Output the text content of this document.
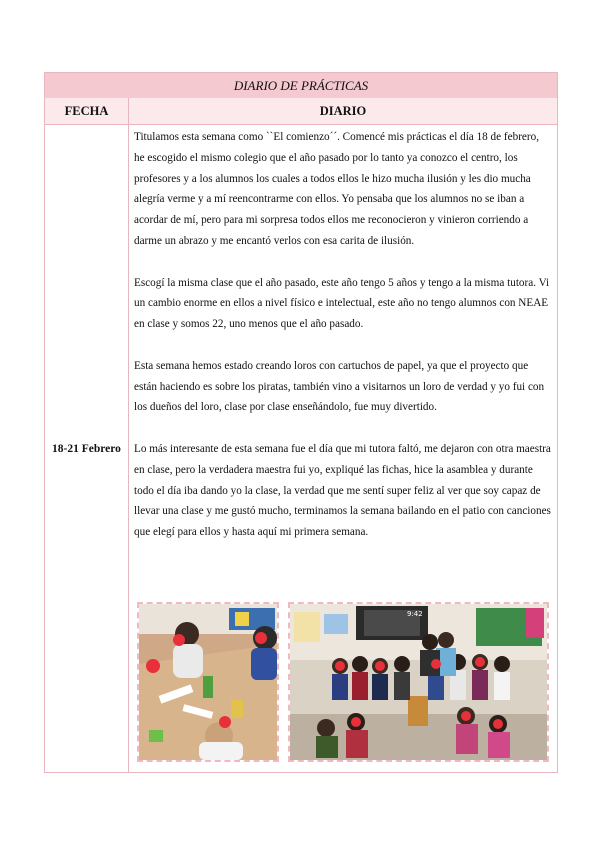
DIARIO DE PRÁCTICAS
FECHA	DIARIO
18-21 Febrero

Titulamos esta semana como ``El comienzo´´. Comencé mis prácticas el día 18 de febrero, he escogido el mismo colegio que el año pasado por lo tanto ya conozco el centro, los profesores y a los alumnos los cuales a todos ellos le hizo mucha ilusión y les dio mucha alegría verme y a mí reencontrarme con ellos. Yo pensaba que los alumnos no se iban a acordar de mí, pero para mi sorpresa todos ellos me reconocieron y vinieron corriendo a darme un abrazo y me encantó verlos con esa carita de ilusión.

Escogí la misma clase que el año pasado, este año tengo 5 años y tengo a la misma tutora. Vi un cambio enorme en ellos a nivel físico e intelectual, este año no tengo alumnos con NEAE en clase y somos 22, uno menos que el año pasado.

Esta semana hemos estado creando loros con cartuchos de papel, ya que el proyecto que están haciendo es sobre los piratas, también vino a visitarnos un loro de verdad y yo fui con los dueños del loro, clase por clase enseñándolo, fue muy divertido.

Lo más interesante de esta semana fue el día que mi tutora faltó, me dejaron con otra maestra en clase, pero la verdadera maestra fui yo, expliqué las fichas, hice la asamblea y durante todo el día iba dando yo la clase, la verdad que me sentí super feliz al ver que soy capaz de llevar una clase y me gustó mucho, terminamos la semana bailando en el patio con canciones que elegí para ellos y hasta aquí mi primera semana.

9:42
